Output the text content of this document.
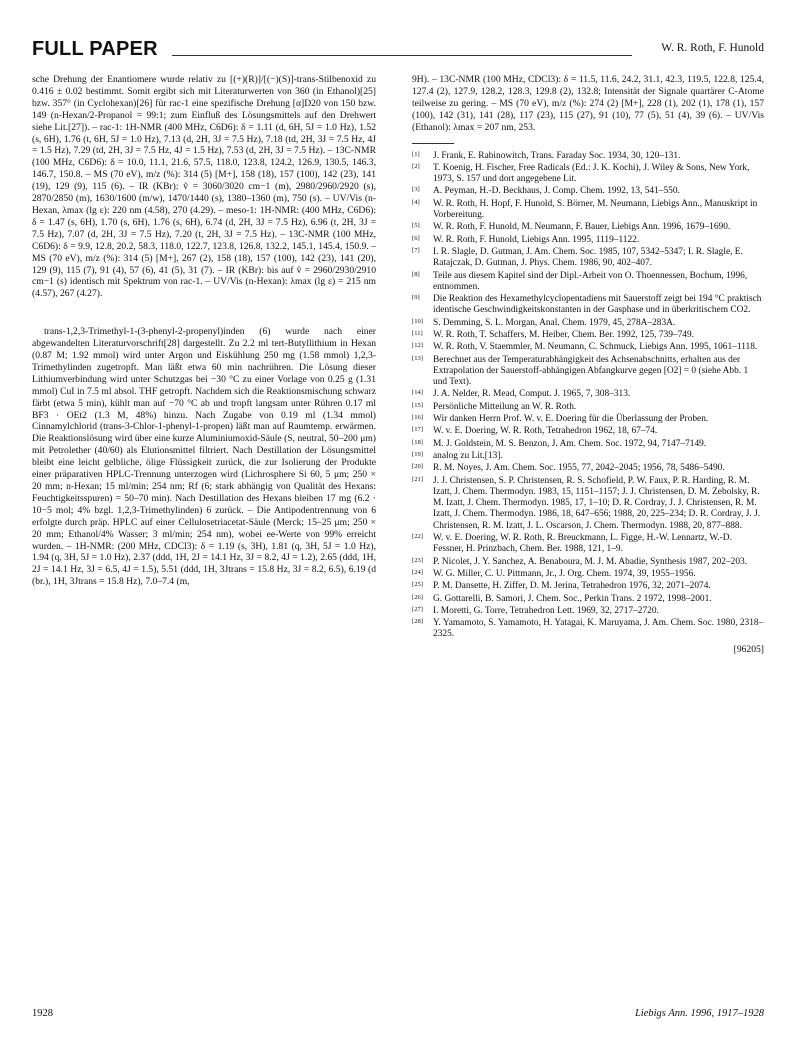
FULL PAPER	W. R. Roth, F. Hunold

sche Drehung der Enantiomere wurde relativ zu [(+)(R)]/[(−)(S)]-trans-Stilbenoxid zu 0.416 ± 0.02 bestimmt. Somit ergibt sich mit Literaturwerten von 360 (in Ethanol)[25] bzw. 357° (in Cyclohexan)[26] für rac-1 eine spezifische Drehung [α]D20 von 150 bzw. 149 (n-Hexan/2-Propanol = 99:1; zum Einfluß des Lösungsmittels auf den Drehwert siehe Lit.[27]). – rac-1: 1H-NMR (400 MHz, C6D6): δ = 1.11 (d, 6H, 5J = 1.0 Hz), 1.52 (s, 6H), 1.76 (t, 6H, 5J = 1.0 Hz), 7.13 (d, 2H, 3J = 7.5 Hz), 7.18 (td, 2H, 3J = 7.5 Hz, 4J = 1.5 Hz), 7.29 (td, 2H, 3J = 7.5 Hz, 4J = 1.5 Hz), 7.53 (d, 2H, 3J = 7.5 Hz). – 13C-NMR (100 MHz, C6D6): δ = 10.0, 11.1, 21.6, 57.5, 118.0, 123.8, 124.2, 126.9, 130.5, 146.3, 146.7, 150.8. – MS (70 eV), m/z (%): 314 (5) [M+], 158 (18), 157 (100), 142 (23), 141 (19), 129 (9), 115 (6). – IR (KBr): ṽ = 3060/3020 cm−1 (m), 2980/2960/2920 (s), 2870/2850 (m), 1630/1600 (m/w), 1470/1440 (s), 1380–1360 (m), 750 (s). – UV/Vis (n-Hexan, λmax (lg ε): 220 nm (4.58), 270 (4.29). – meso-1: 1H-NMR: (400 MHz, C6D6): δ = 1.47 (s, 6H), 1.70 (s, 6H), 1.76 (s, 6H), 6.74 (d, 2H, 3J = 7.5 Hz), 6.96 (t, 2H, 3J = 7.5 Hz), 7.07 (d, 2H, 3J = 7.5 Hz), 7.20 (t, 2H, 3J = 7.5 Hz). – 13C-NMR (100 MHz, C6D6): δ = 9.9, 12.8, 20.2, 58.3, 118.0, 122.7, 123.8, 126.8, 132.2, 145.1, 145.4, 150.9. – MS (70 eV), m/z (%): 314 (5) [M+], 267 (2), 158 (18), 157 (100), 142 (23), 141 (20), 129 (9), 115 (7), 91 (4), 57 (6), 41 (5), 31 (7). – IR (KBr): bis auf ṽ = 2960/2930/2910 cm−1 (s) identisch mit Spektrum von rac-1. – UV/Vis (n-Hexan): λmax (lg ε) = 215 nm (4.57), 267 (4.27).

trans-1,2,3-Trimethyl-1-(3-phenyl-2-propenyl)inden (6) wurde nach einer abgewandelten Literaturvorschrift[28] dargestellt. Zu 2.2 ml tert-Butyllithium in Hexan (0.87 M; 1.92 mmol) wird unter Argon und Eiskühlung 250 mg (1.58 mmol) 1,2,3-Trimethylinden zugetropft. Man läßt etwa 60 min nachrühren. Die Lösung dieser Lithiumverbindung wird unter Schutzgas bei −30 °C zu einer Vorlage von 0.25 g (1.31 mmol) CuI in 7.5 ml absol. THF getropft. Nachdem sich die Reaktionsmischung schwarz färbt (etwa 5 min), kühlt man auf −70 °C ab und tropft langsam unter Rühren 0.17 ml BF3 · OEt2 (1.3 M, 48%) hinzu. Nach Zugabe von 0.19 ml (1.34 mmol) Cinnamylchlorid (trans-3-Chlor-1-phenyl-1-propen) läßt man auf Raumtemp. erwärmen. Die Reaktionslösung wird über eine kurze Aluminiumoxid-Säule (S, neutral, 50–200 μm) mit Petrolether (40/60) als Elutionsmittel filtriert. Nach Destillation der Lösungsmittel bleibt eine leicht gelbliche, ölige Flüssigkeit zurück, die zur Isolierung der Produkte einer präparativen HPLC-Trennung unterzogen wird (Lichrosphere Si 60, 5 μm; 250 × 20 mm; n-Hexan; 15 ml/min; 254 nm; Rf (6; stark abhängig von Qualität des Hexans: Feuchtigkeitsspuren) = 50–70 min). Nach Destillation des Hexans bleiben 17 mg (6.2 · 10−5 mol; 4% bzgl. 1,2,3-Trimethylinden) 6 zurück. – Die Antipodentrennung von 6 erfolgte durch präp. HPLC auf einer Cellulosetriacetat-Säule (Merck; 15–25 μm; 250 × 20 mm; Ethanol/4% Wasser; 3 ml/min; 254 nm), wobei ee-Werte von 99% erreicht wurden. – 1H-NMR: (200 MHz, CDCl3): δ = 1.19 (s, 3H), 1.81 (q, 3H, 5J = 1.0 Hz), 1.94 (q, 3H, 5J = 1.0 Hz), 2.37 (ddd, 1H, 2J = 14.1 Hz, 3J = 8.2, 4J = 1.2), 2.65 (ddd, 1H, 2J = 14.1 Hz, 3J = 6.5, 4J = 1.5), 5.51 (ddd, 1H, 3Jtrans = 15.8 Hz, 3J = 8.2, 6.5), 6.19 (d (br.), 1H, 3Jtrans = 15.8 Hz), 7.0–7.4 (m,

9H). – 13C-NMR (100 MHz, CDCl3): δ = 11.5, 11.6, 24.2, 31.1, 42.3, 119.5, 122.8, 125.4, 127.4 (2), 127.9, 128.2, 128.3, 129.8 (2), 132.8; Intensität der Signale quartärer C-Atome teilweise zu gering. – MS (70 eV), m/z (%): 274 (2) [M+], 228 (1), 202 (1), 178 (1), 157 (100), 142 (31), 141 (28), 117 (23), 115 (27), 91 (10), 77 (5), 51 (4), 39 (6). – UV/Vis (Ethanol): λmax = 207 nm, 253.

[1] J. Frank, E. Rabinowitch, Trans. Faraday Soc. 1934, 30, 120–131.
[2] T. Koenig, H. Fischer, Free Radicals (Ed.: J. K. Kochi), J. Wiley & Sons, New York, 1973, S. 157 und dort angegebene Lit.
[3] A. Peyman, H.-D. Beckhaus, J. Comp. Chem. 1992, 13, 541–550.
[4] W. R. Roth, H. Hopf, F. Hunold, S. Börner, M. Neumann, Liebigs Ann., Manuskript in Vorbereitung.
[5] W. R. Roth, F. Hunold, M. Neumann, F. Bauer, Liebigs Ann. 1996, 1679–1690.
[6] W. R. Roth, F. Hunold, Liebigs Ann. 1995, 1119–1122.
[7] I. R. Slagle, D. Gutman, J. Am. Chem. Soc. 1985, 107, 5342–5347; I. R. Slagle, E. Ratajczak, D. Gutman, J. Phys. Chem. 1986, 90, 402–407.
[8] Teile aus diesem Kapitel sind der Dipl.-Arbeit von O. Thoennessen, Bochum, 1996, entnommen.
[9] Die Reaktion des Hexamethylcyclopentadiens mit Sauerstoff zeigt bei 194 °C praktisch identische Geschwindigkeitskonstanten in der Gasphase und in überkritischem CO2.
[10] S. Demming, S. L. Morgan, Anal. Chem. 1979, 45, 278A–283A.
[11] W. R. Roth, T. Schaffers, M. Heiber, Chem. Ber. 1992, 125, 739–749.
[12] W. R. Roth, V. Staemmler, M. Neumann, C. Schmuck, Liebigs Ann. 1995, 1061–1118.
[13] Berechnet aus der Temperaturabhängigkeit des Achsenabschnitts, erhalten aus der Extrapolation der Sauerstoff-abhängigen Abfangkurve gegen [O2] = 0 (siehe Abb. 1 und Text).
[14] J. A. Nelder, R. Mead, Comput. J. 1965, 7, 308–313.
[15] Persönliche Mitteilung an W. R. Roth.
[16] Wir danken Herrn Prof. W. v. E. Doering für die Überlassung der Proben.
[17] W. v. E. Doering, W. R. Roth, Tetrahedron 1962, 18, 67–74.
[18] M. J. Goldstein, M. S. Benzon, J. Am. Chem. Soc. 1972, 94, 7147–7149.
[19] analog zu Lit.[13].
[20] R. M. Noyes, J. Am. Chem. Soc. 1955, 77, 2042–2045; 1956, 78, 5486–5490.
[21] J. J. Christensen, S. P. Christensen, R. S. Schofield, P. W. Faux, P. R. Harding, R. M. Izatt, J. Chem. Thermodyn. 1983, 15, 1151–1157; J. J. Christensen, D. M. Zebolsky, R. M. Izatt, J. Chem. Thermodyn. 1985, 17, 1–10; D. R. Cordray, J. J. Christensen, R. M. Izatt, J. Chem. Thermodyn. 1986, 18, 647–656; 1988, 20, 225–234; D. R. Cordray, J. J. Christensen, R. M. Izatt, J. L. Oscarson, J. Chem. Thermodyn. 1988, 20, 877–888.
[22] W. v. E. Doering, W. R. Roth, R. Breuckmann, L. Figge, H.-W. Lennartz, W.-D. Fessner, H. Prinzbach, Chem. Ber. 1988, 121, 1–9.
[23] P. Nicolet, J. Y. Sanchez, A. Benaboura, M. J. M. Abadie, Synthesis 1987, 202–203.
[24] W. G. Miller, C. U. Pittmann, Jr., J. Org. Chem. 1974, 39, 1955–1956.
[25] P. M. Dansette, H. Ziffer, D. M. Jerina, Tetrahedron 1976, 32, 2071–2074.
[26] G. Gottarelli, B. Samori, J. Chem. Soc., Perkin Trans. 2 1972, 1998–2001.
[27] I. Moretti, G. Torre, Tetrahedron Lett. 1969, 32, 2717–2720.
[28] Y. Yamamoto, S. Yamamoto, H. Yatagai, K. Maruyama, J. Am. Chem. Soc. 1980, 2318–2325.
[96205]
1928	Liebigs Ann. 1996, 1917–1928
